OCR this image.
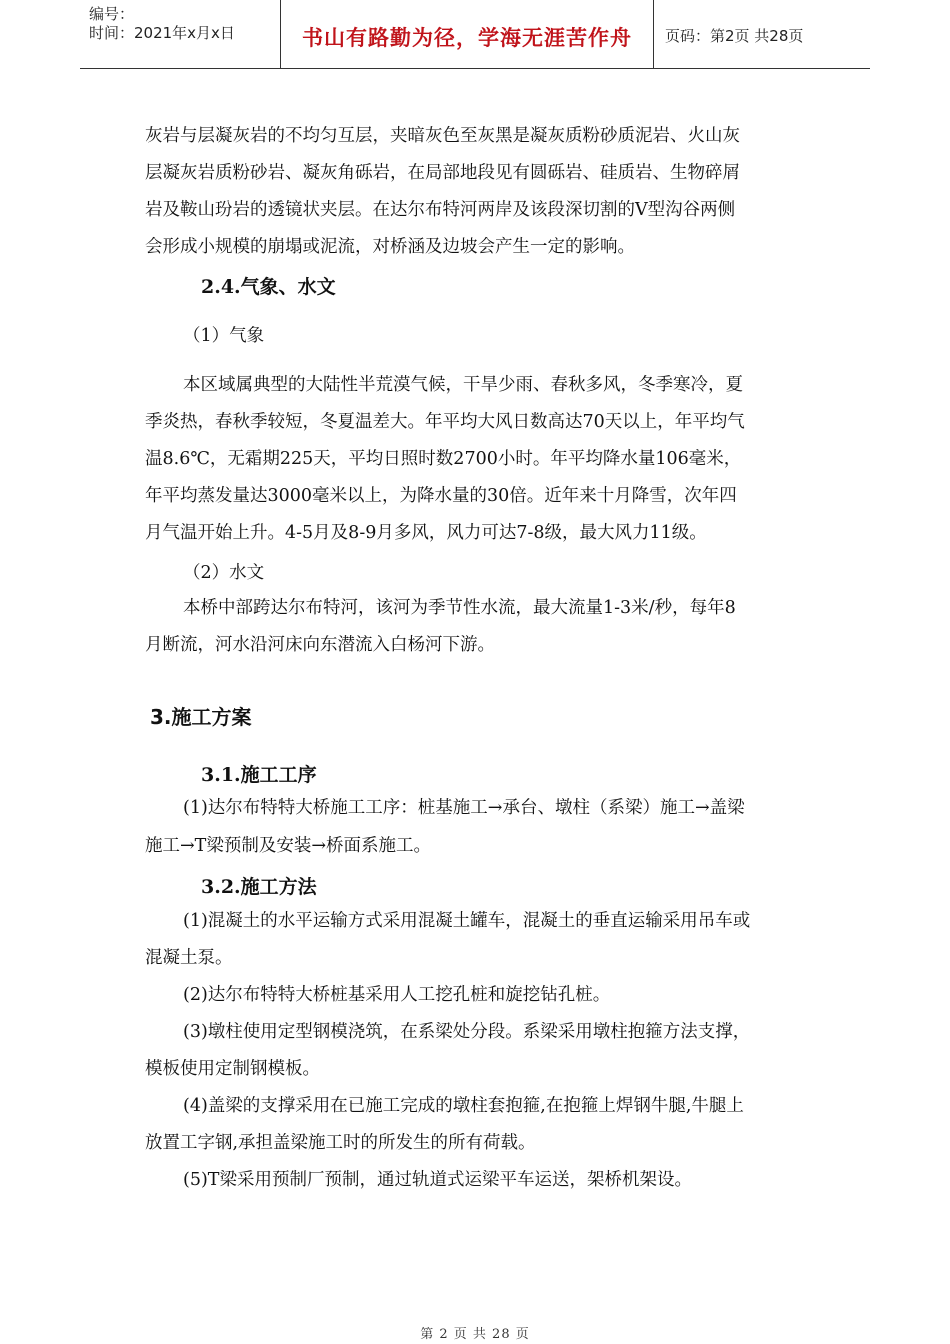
编号：
时间：2021年x月x日	书山有路勤为径，学海无涯苦作舟	页码：第2页 共28页
灰岩与层凝灰岩的不均匀互层，夹暗灰色至灰黑是凝灰质粉砂质泥岩、火山灰
层凝灰岩质粉砂岩、凝灰角砾岩，在局部地段见有圆砾岩、硅质岩、生物碎屑
岩及鞍山玢岩的透镜状夹层。在达尔布特河两岸及该段深切割的V型沟谷两侧
会形成小规模的崩塌或泥流，对桥涵及边坡会产生一定的影响。
2.4.气象、水文
（1）气象
本区域属典型的大陆性半荒漠气候，干旱少雨、春秋多风，冬季寒冷，夏
季炎热，春秋季较短，冬夏温差大。年平均大风日数高达70天以上，年平均气
温8.6℃，无霜期225天，平均日照时数2700小时。年平均降水量106毫米，
年平均蒸发量达3000毫米以上，为降水量的30倍。近年来十月降雪，次年四
月气温开始上升。4-5月及8-9月多风，风力可达7-8级，最大风力11级。
（2）水文
本桥中部跨达尔布特河，该河为季节性水流，最大流量1-3米/秒，每年8
月断流，河水沿河床向东潜流入白杨河下游。
3.施工方案
3.1.施工工序
(1)达尔布特特大桥施工工序：桩基施工→承台、墩柱（系梁）施工→盖梁
施工→T梁预制及安装→桥面系施工。
3.2.施工方法
(1)混凝土的水平运输方式采用混凝土罐车，混凝土的垂直运输采用吊车或
混凝土泵。
(2)达尔布特特大桥桩基采用人工挖孔桩和旋挖钻孔桩。
(3)墩柱使用定型钢模浇筑，在系梁处分段。系梁采用墩柱抱箍方法支撑，
模板使用定制钢模板。
(4)盖梁的支撑采用在已施工完成的墩柱套抱箍,在抱箍上焊钢牛腿,牛腿上
放置工字钢,承担盖梁施工时的所发生的所有荷载。
(5)T梁采用预制厂预制，通过轨道式运梁平车运送，架桥机架设。
第 2 页 共 28 页
